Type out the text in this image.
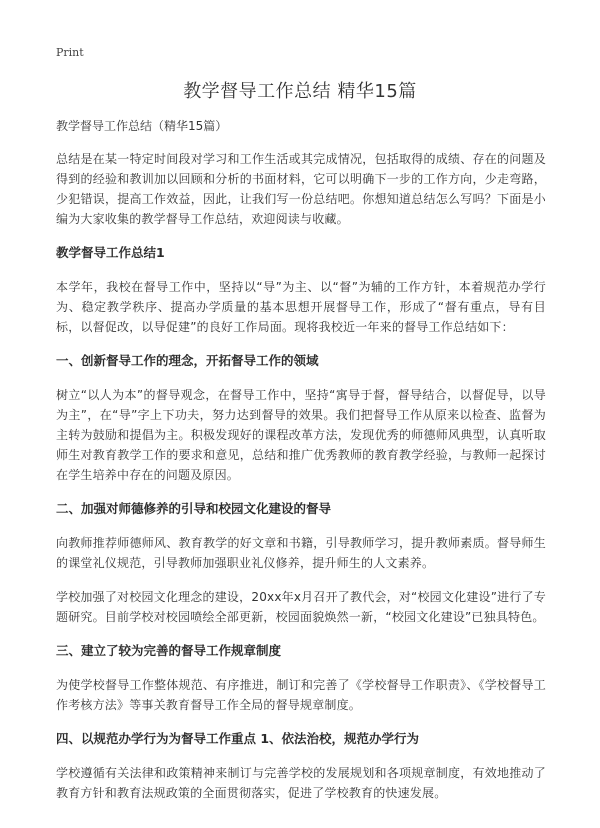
Print
教学督导工作总结 精华15篇
教学督导工作总结（精华15篇）

总结是在某一特定时间段对学习和工作生活或其完成情况，包括取得的成绩、存在的问题及得到的经验和教训加以回顾和分析的书面材料，它可以明确下一步的工作方向，少走弯路，少犯错误，提高工作效益，因此，让我们写一份总结吧。你想知道总结怎么写吗？下面是小编为大家收集的教学督导工作总结，欢迎阅读与收藏。

教学督导工作总结1

本学年，我校在督导工作中，坚持以“导”为主、以“督”为辅的工作方针，本着规范办学行为、稳定教学秩序、提高办学质量的基本思想开展督导工作，形成了“督有重点，导有目标，以督促改，以导促建”的良好工作局面。现将我校近一年来的督导工作总结如下：

一、创新督导工作的理念，开拓督导工作的领域

树立“以人为本”的督导观念，在督导工作中，坚持“寓导于督，督导结合，以督促导，以导为主”，在“导”字上下功夫，努力达到督导的效果。我们把督导工作从原来以检查、监督为主转为鼓励和提倡为主。积极发现好的课程改革方法，发现优秀的师德师风典型，认真听取师生对教育教学工作的要求和意见，总结和推广优秀教师的教育教学经验，与教师一起探讨在学生培养中存在的问题及原因。

二、加强对师德修养的引导和校园文化建设的督导

向教师推荐师德师风、教育教学的好文章和书籍，引导教师学习，提升教师素质。督导师生的课堂礼仪规范，引导教师加强职业礼仪修养，提升师生的人文素养。

学校加强了对校园文化理念的建设，20xx年x月召开了教代会，对“校园文化建设”进行了专题研究。目前学校对校园喷绘全部更新，校园面貌焕然一新，“校园文化建设”已独具特色。

三、建立了较为完善的督导工作规章制度

为使学校督导工作整体规范、有序推进，制订和完善了《学校督导工作职责》、《学校督导工作考核方法》等事关教育督导工作全局的督导规章制度。

四、以规范办学行为为督导工作重点 1、依法治校，规范办学行为

学校遵循有关法律和政策精神来制订与完善学校的发展规划和各项规章制度，有效地推动了教育方针和教育法规政策的全面贯彻落实，促进了学校教育的快速发展。
